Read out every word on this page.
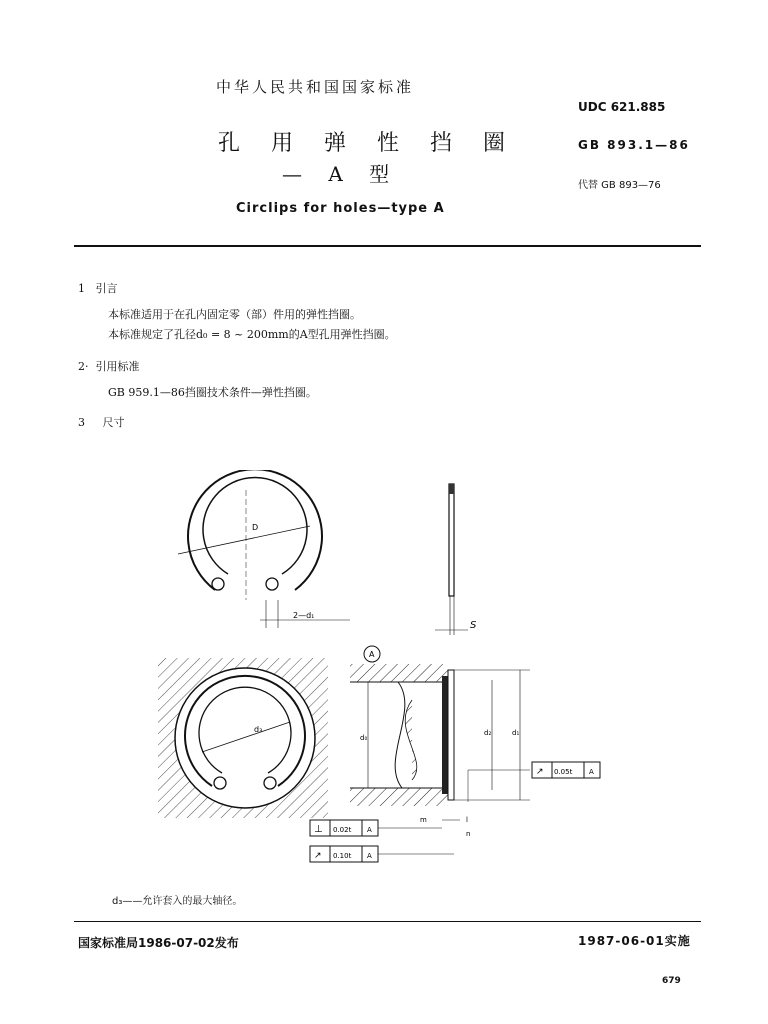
中华人民共和国国家标准
UDC 621.885
孔 用 弹 性 挡 圈	GB 893.1—86
— A 型	代替 GB 893—76
Circlips for holes—type A
1 引言
本标准适用于在孔内固定零（部）件用的弹性挡圈。
本标准规定了孔径d₀ = 8 ~ 200mm的A型孔用弹性挡圈。
2· 引用标准
GB 959.1—86挡圈技术条件—弹性挡圈。
3 尺寸
D
2—d₁
S
d₃
A
d₀
d₂	d₁
m	l
n
↗ 0.05t A
⊥ 0.02t A
↗ 0.10t A
d₃——允许套入的最大轴径。
国家标准局1986-07-02发布	1987-06-01实施
679
